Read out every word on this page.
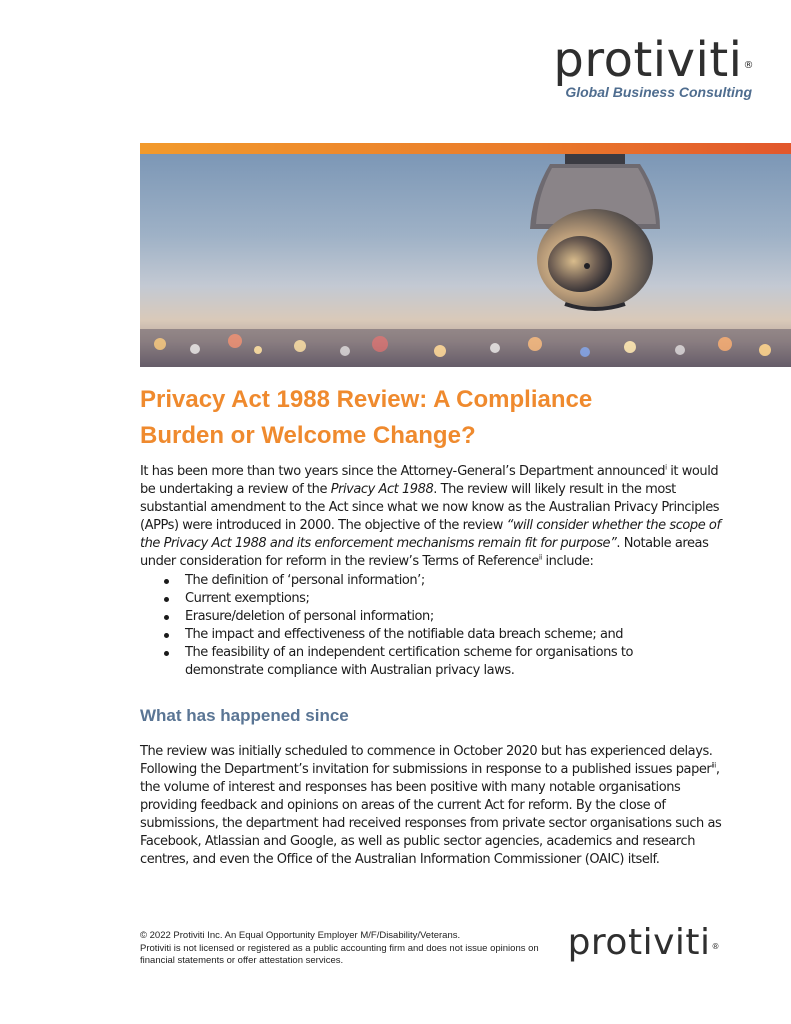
protiviti®
Global Business Consulting
Privacy Act 1988 Review: A Compliance
Burden or Welcome Change?

It has been more than two years since the Attorney-General’s Department announced$^i$ it would be undertaking a review of the Privacy Act 1988. The review will likely result in the most substantial amendment to the Act since what we now know as the Australian Privacy Principles (APPs) were introduced in 2000. The objective of the review “will consider whether the scope of the Privacy Act 1988 and its enforcement mechanisms remain fit for purpose”. Notable areas under consideration for reform in the review’s Terms of Reference$^{ii}$ include:

The definition of ‘personal information’;
Current exemptions;
Erasure/deletion of personal information;
The impact and effectiveness of the notifiable data breach scheme; and
The feasibility of an independent certification scheme for organisations to demonstrate compliance with Australian privacy laws.
What has happened since

The review was initially scheduled to commence in October 2020 but has experienced delays. Following the Department’s invitation for submissions in response to a published issues paper$^{iii}$, the volume of interest and responses has been positive with many notable organisations providing feedback and opinions on areas of the current Act for reform. By the close of submissions, the department had received responses from private sector organisations such as Facebook, Atlassian and Google, as well as public sector agencies, academics and research centres, and even the Office of the Australian Information Commissioner (OAIC) itself.

© 2022 Protiviti Inc. An Equal Opportunity Employer M/F/Disability/Veterans.
Protiviti is not licensed or registered as a public accounting firm and does not issue opinions on financial statements or offer attestation services.	protiviti®
